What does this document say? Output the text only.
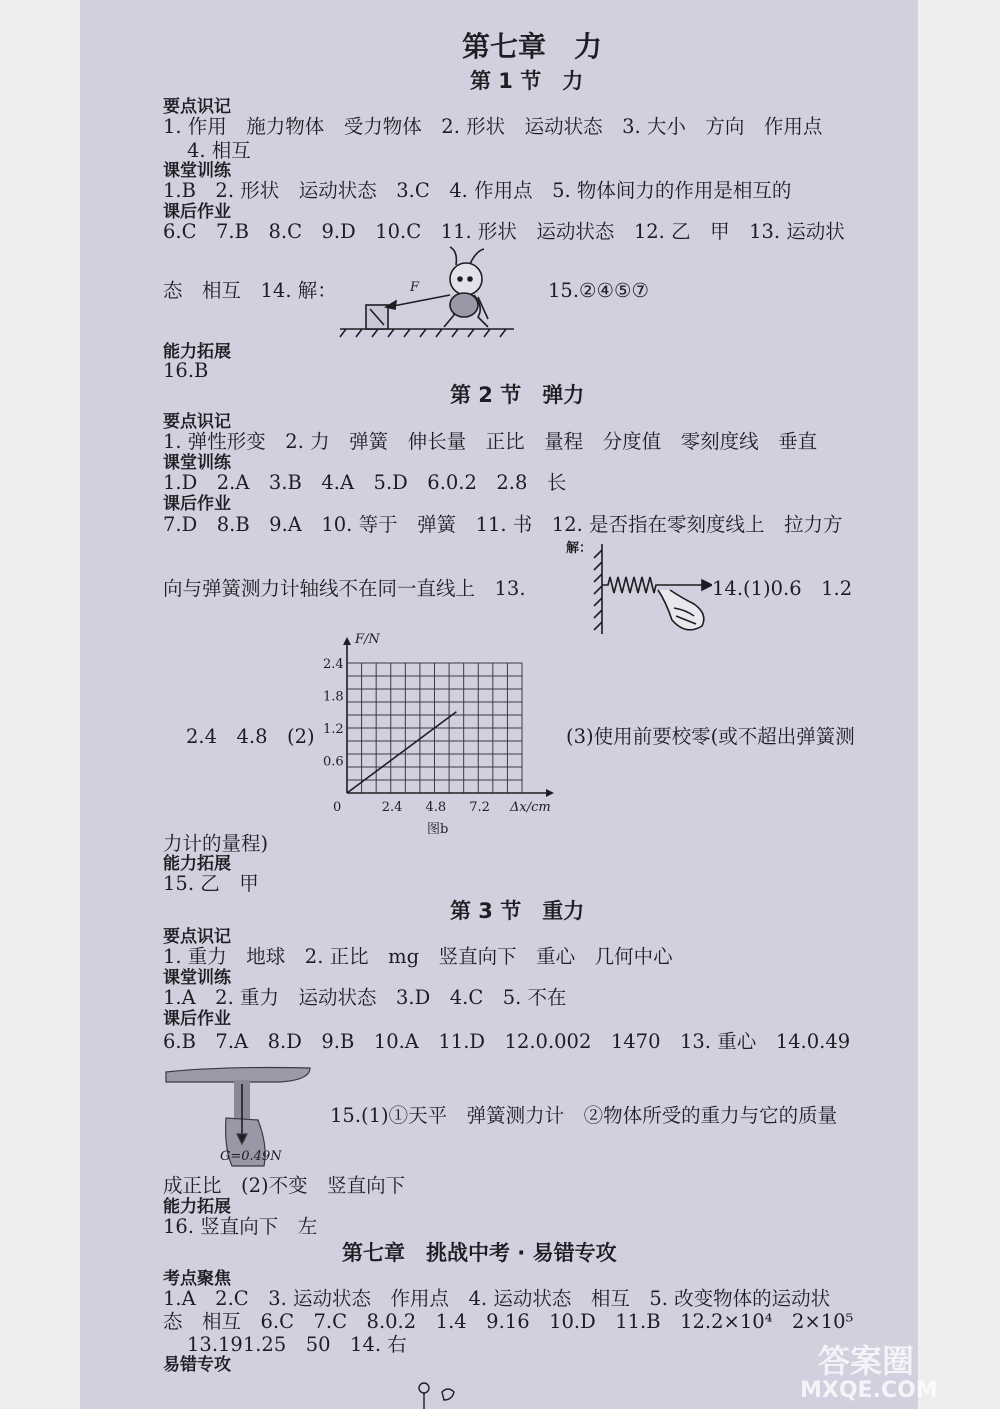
第七章　力
第 1 节　力
要点识记
1. 作用　施力物体　受力物体　2. 形状　运动状态　3. 大小　方向　作用点
4. 相互
课堂训练
1.B　2. 形状　运动状态　3.C　4. 作用点　5. 物体间力的作用是相互的
课后作业
6.C　7.B　8.C　9.D　10.C　11. 形状　运动状态　12. 乙　甲　13. 运动状
态　相互　14. 解：	15.②④⑤⑦
F
能力拓展
16.B
第 2 节　弹力
要点识记
1. 弹性形变　2. 力　弹簧　伸长量　正比　量程　分度值　零刻度线　垂直
课堂训练
1.D　2.A　3.B　4.A　5.D　6.0.2　2.8　长
课后作业
7.D　8.B　9.A　10. 等于　弹簧　11. 书　12. 是否指在零刻度线上　拉力方
向与弹簧测力计轴线不在同一直线上　13.	14.(1)0.6　1.2
解：
0	2.4 4.8 7.2
0.6
1.2
1.8
2.4
Δx/cm
F/N
图b
2.4　4.8　(2)	(3)使用前要校零(或不超出弹簧测
力计的量程)
能力拓展
15. 乙　甲
第 3 节　重力
要点识记
1. 重力　地球　2. 正比　mg　竖直向下　重心　几何中心
课堂训练
1.A　2. 重力　运动状态　3.D　4.C　5. 不在
课后作业
6.B　7.A　8.D　9.B　10.A　11.D　12.0.002　1470　13. 重心　14.0.49
G=0.49N
15.(1)①天平　弹簧测力计　②物体所受的重力与它的质量
成正比　(2)不变　竖直向下
能力拓展
16. 竖直向下　左
第七章　挑战中考 · 易错专攻
考点聚焦
1.A　2.C　3. 运动状态　作用点　4. 运动状态　相互　5. 改变物体的运动状
态　相互　6.C　7.C　8.0.2　1.4　9.16　10.D　11.B　12.2×10⁴　2×10⁵
13.191.25　50　14. 右
易错专攻	答案圈
MXQE.COM
